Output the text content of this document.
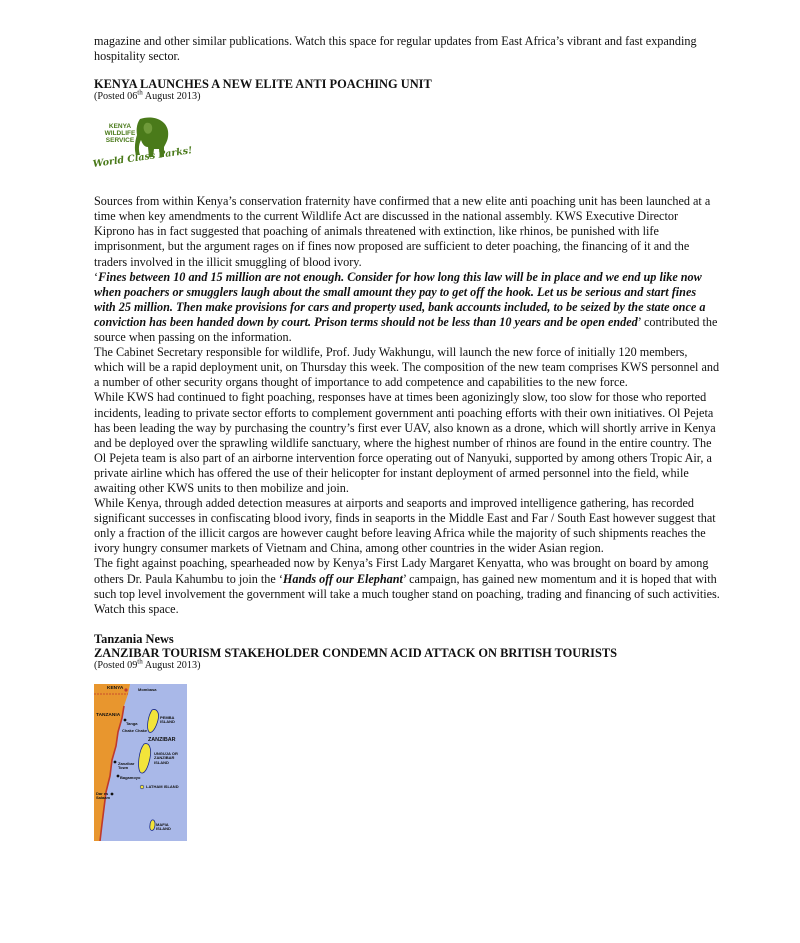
magazine and other similar publications. Watch this space for regular updates from East Africa’s vibrant and fast expanding hospitality sector.

KENYA LAUNCHES A NEW ELITE ANTI POACHING UNIT

(Posted 06th August 2013)

KENYA
WILDLIFE
SERVICE
World Class Parks!

Sources from within Kenya’s conservation fraternity have confirmed that a new elite anti poaching unit has been launched at a time when key amendments to the current Wildlife Act are discussed in the national assembly. KWS Executive Director Kiprono has in fact suggested that poaching of animals threatened with extinction, like rhinos, be punished with life imprisonment, but the argument rages on if fines now proposed are sufficient to deter poaching, the financing of it and the traders involved in the illicit smuggling of blood ivory.

‘Fines between 10 and 15 million are not enough. Consider for how long this law will be in place and we end up like now when poachers or smugglers laugh about the small amount they pay to get off the hook. Let us be serious and start fines with 25 million. Then make provisions for cars and property used, bank accounts included, to be seized by the state once a conviction has been handed down by court. Prison terms should not be less than 10 years and be open ended’ contributed the source when passing on the information.

The Cabinet Secretary responsible for wildlife, Prof. Judy Wakhungu, will launch the new force of initially 120 members, which will be a rapid deployment unit, on Thursday this week. The composition of the new team comprises KWS personnel and a number of other security organs thought of importance to add competence and capabilities to the new force.

While KWS had continued to fight poaching, responses have at times been agonizingly slow, too slow for those who reported incidents, leading to private sector efforts to complement government anti poaching efforts with their own initiatives. Ol Pejeta has been leading the way by purchasing the country’s first ever UAV, also known as a drone, which will shortly arrive in Kenya and be deployed over the sprawling wildlife sanctuary, where the highest number of rhinos are found in the entire country. The Ol Pejeta team is also part of an airborne intervention force operating out of Nanyuki, supported by among others Tropic Air, a private airline which has offered the use of their helicopter for instant deployment of armed personnel into the field, while awaiting other KWS units to then mobilize and join.

While Kenya, through added detection measures at airports and seaports and improved intelligence gathering, has recorded significant successes in confiscating blood ivory, finds in seaports in the Middle East and Far / South East however suggest that only a fraction of the illicit cargos are however caught before leaving Africa while the majority of such shipments reaches the ivory hungry consumer markets of Vietnam and China, among other countries in the wider Asian region.

The fight against poaching, spearheaded now by Kenya’s First Lady Margaret Kenyatta, who was brought on board by among others Dr. Paula Kahumbu to join the ‘Hands off our Elephant’ campaign, has gained new momentum and it is hoped that with such top level involvement the government will take a much tougher stand on poaching, trading and financing of such activities. Watch this space.

Tanzania News

ZANZIBAR TOURISM STAKEHOLDER CONDEMN ACID ATTACK ON BRITISH TOURISTS

(Posted 09th August 2013)

KENYA	Mombasa
TANZANIA	PEMBA ISLAND
Tanga
Chake Chake
ZANZIBAR
UNGUJA OR ZANZIBAR ISLAND
Zanzibar Town
Bagamoyo
Dar es Salaam
LATHAM ISLAND
MAFIA ISLAND
